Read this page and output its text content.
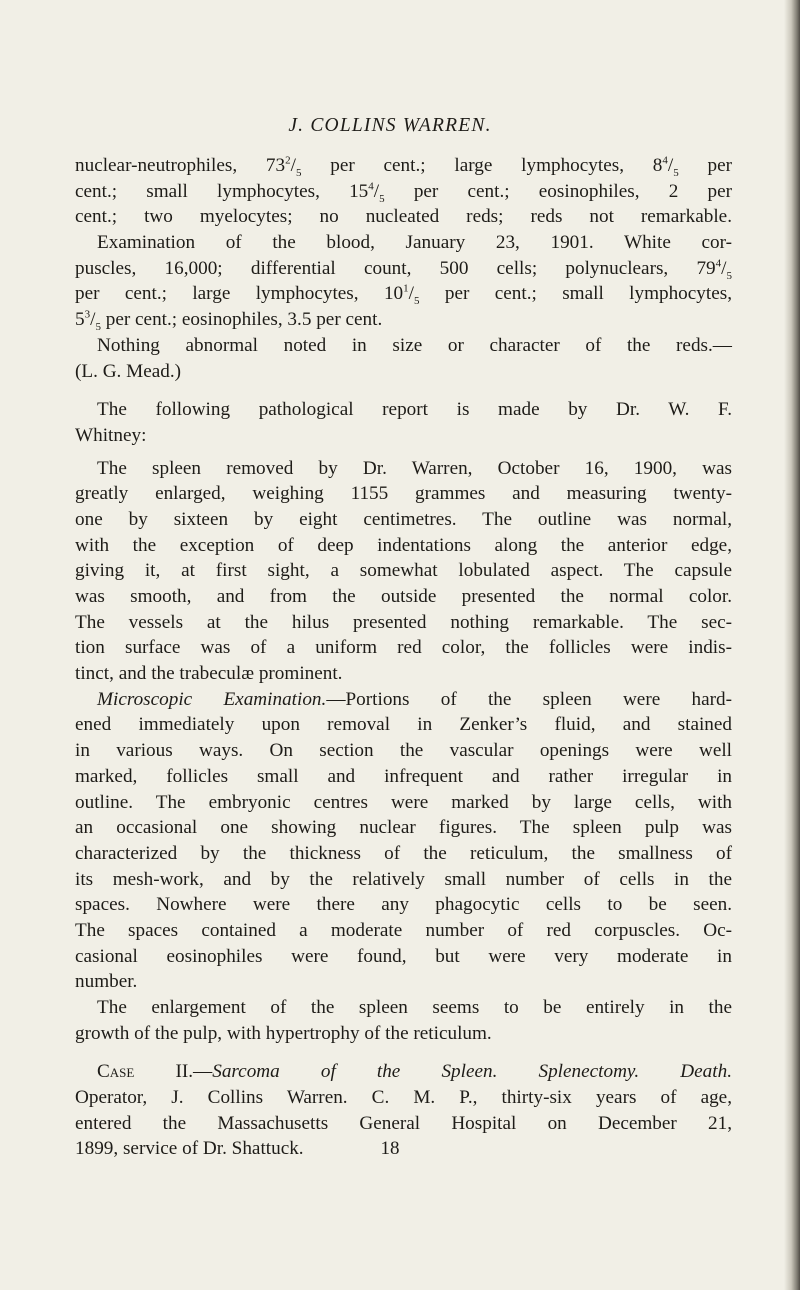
J. COLLINS WARREN.
nuclear-neutrophiles, $73^2/_5$ per cent.; large lymphocytes, $8^4/_5$ per
cent.; small lymphocytes, $15^4/_5$ per cent.; eosinophiles, 2 per
cent.; two myelocytes; no nucleated reds; reds not remarkable.
Examination of the blood, January 23, 1901. White cor-
puscles, 16,000; differential count, 500 cells; polynuclears, $79^4/_5$
per cent.; large lymphocytes, $10^1/_5$ per cent.; small lymphocytes,
$5^3/_5$ per cent.; eosinophiles, 3.5 per cent.
Nothing abnormal noted in size or character of the reds.—
(L. G. Mead.)
The following pathological report is made by Dr. W. F.
Whitney:
The spleen removed by Dr. Warren, October 16, 1900, was
greatly enlarged, weighing 1155 grammes and measuring twenty-
one by sixteen by eight centimetres. The outline was normal,
with the exception of deep indentations along the anterior edge,
giving it, at first sight, a somewhat lobulated aspect. The capsule
was smooth, and from the outside presented the normal color.
The vessels at the hilus presented nothing remarkable. The sec-
tion surface was of a uniform red color, the follicles were indis-
tinct, and the trabeculæ prominent.
Microscopic Examination.—Portions of the spleen were hard-
ened immediately upon removal in Zenker’s fluid, and stained
in various ways. On section the vascular openings were well
marked, follicles small and infrequent and rather irregular in
outline. The embryonic centres were marked by large cells, with
an occasional one showing nuclear figures. The spleen pulp was
characterized by the thickness of the reticulum, the smallness of
its mesh-work, and by the relatively small number of cells in the
spaces. Nowhere were there any phagocytic cells to be seen.
The spaces contained a moderate number of red corpuscles. Oc-
casional eosinophiles were found, but were very moderate in
number.
The enlargement of the spleen seems to be entirely in the
growth of the pulp, with hypertrophy of the reticulum.
Case II.—Sarcoma of the Spleen. Splenectomy. Death.
Operator, J. Collins Warren. C. M. P., thirty-six years of age,
entered the Massachusetts General Hospital on December 21,
1899, service of Dr. Shattuck.	18
